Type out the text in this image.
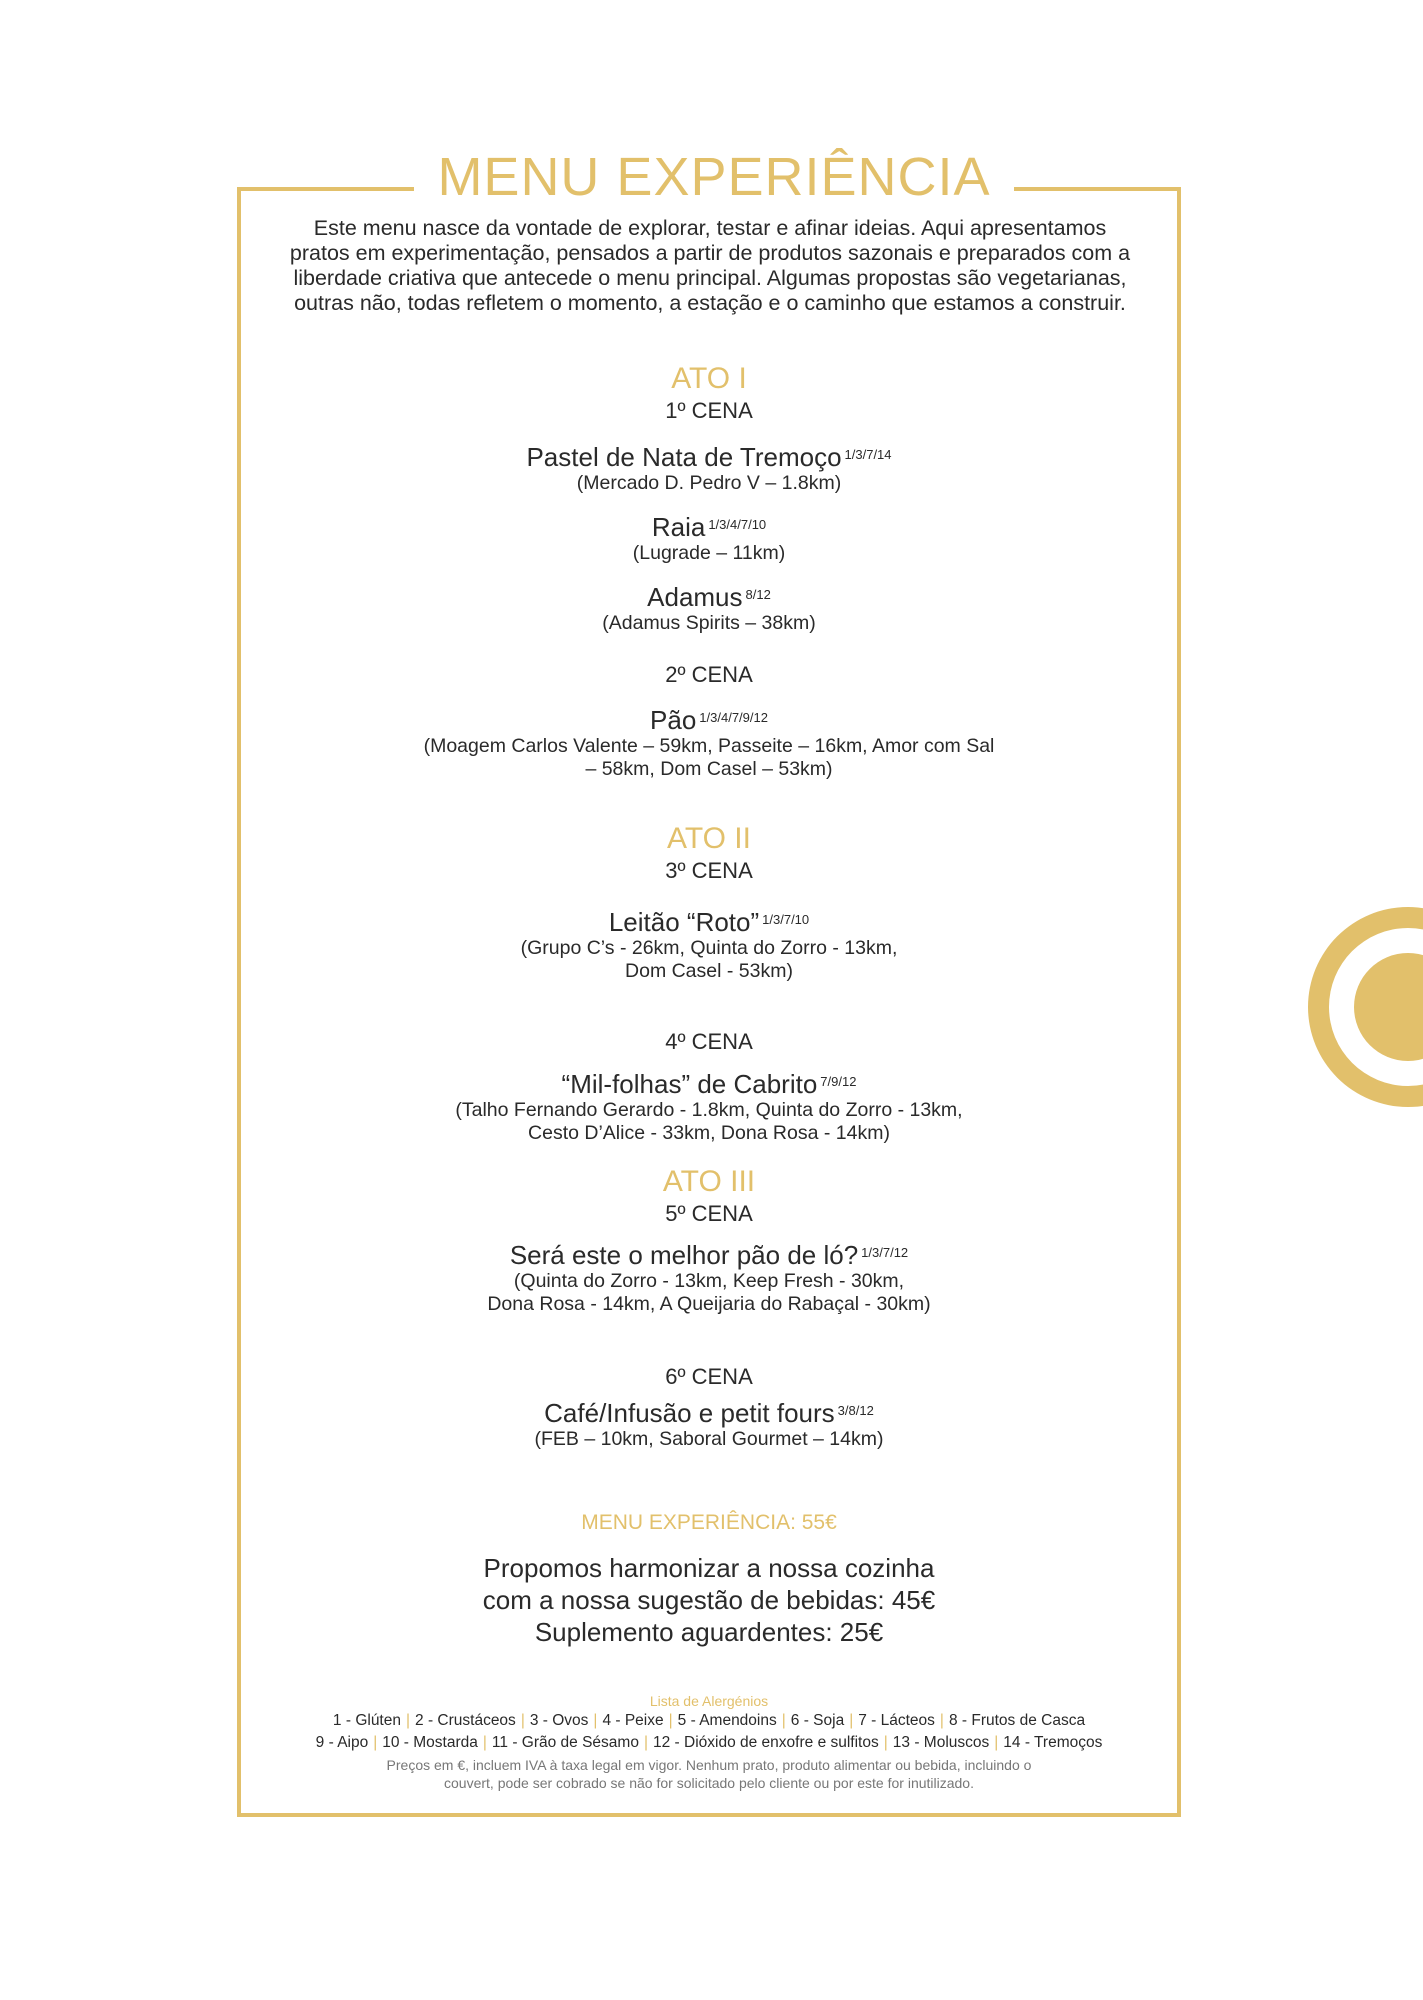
MENU EXPERIÊNCIA

Este menu nasce da vontade de explorar, testar e afinar ideias. Aqui apresentamos pratos em experimentação, pensados a partir de produtos sazonais e preparados com a liberdade criativa que antecede o menu principal. Algumas propostas são vegetarianas, outras não, todas refletem o momento, a estação e o caminho que estamos a construir.

ATO I
1º CENA
Pastel de Nata de Tremoço $^{1/3/7/14}$
(Mercado D. Pedro V – 1.8km)
Raia $^{1/3/4/7/10}$
(Lugrade – 11km)
Adamus $^{8/12}$
(Adamus Spirits – 38km)
2º CENA
Pão $^{1/3/4/7/9/12}$
(Moagem Carlos Valente – 59km, Passeite – 16km, Amor com Sal
– 58km, Dom Casel – 53km)
ATO II
3º CENA
Leitão “Roto” $^{1/3/7/10}$
(Grupo C’s - 26km, Quinta do Zorro - 13km,
Dom Casel - 53km)
4º CENA
“Mil-folhas” de Cabrito $^{7/9/12}$
(Talho Fernando Gerardo - 1.8km, Quinta do Zorro - 13km,
Cesto D’Alice - 33km, Dona Rosa - 14km)
ATO III
5º CENA
Será este o melhor pão de ló? $^{1/3/7/12}$
(Quinta do Zorro - 13km, Keep Fresh - 30km,
Dona Rosa - 14km, A Queijaria do Rabaçal - 30km)
6º CENA
Café/Infusão e petit fours $^{3/8/12}$
(FEB – 10km, Saboral Gourmet – 14km)
MENU EXPERIÊNCIA: 55€
Propomos harmonizar a nossa cozinha
com a nossa sugestão de bebidas: 45€
Suplemento aguardentes: 25€
Lista de Alergénios
1 - Glúten | 2 - Crustáceos | 3 - Ovos | 4 - Peixe | 5 - Amendoins | 6 - Soja | 7 - Lácteos | 8 - Frutos de Casca
9 - Aipo | 10 - Mostarda | 11 - Grão de Sésamo | 12 - Dióxido de enxofre e sulfitos | 13 - Moluscos | 14 - Tremoços
Preços em €, incluem IVA à taxa legal em vigor. Nenhum prato, produto alimentar ou bebida, incluindo o
couvert, pode ser cobrado se não for solicitado pelo cliente ou por este for inutilizado.
